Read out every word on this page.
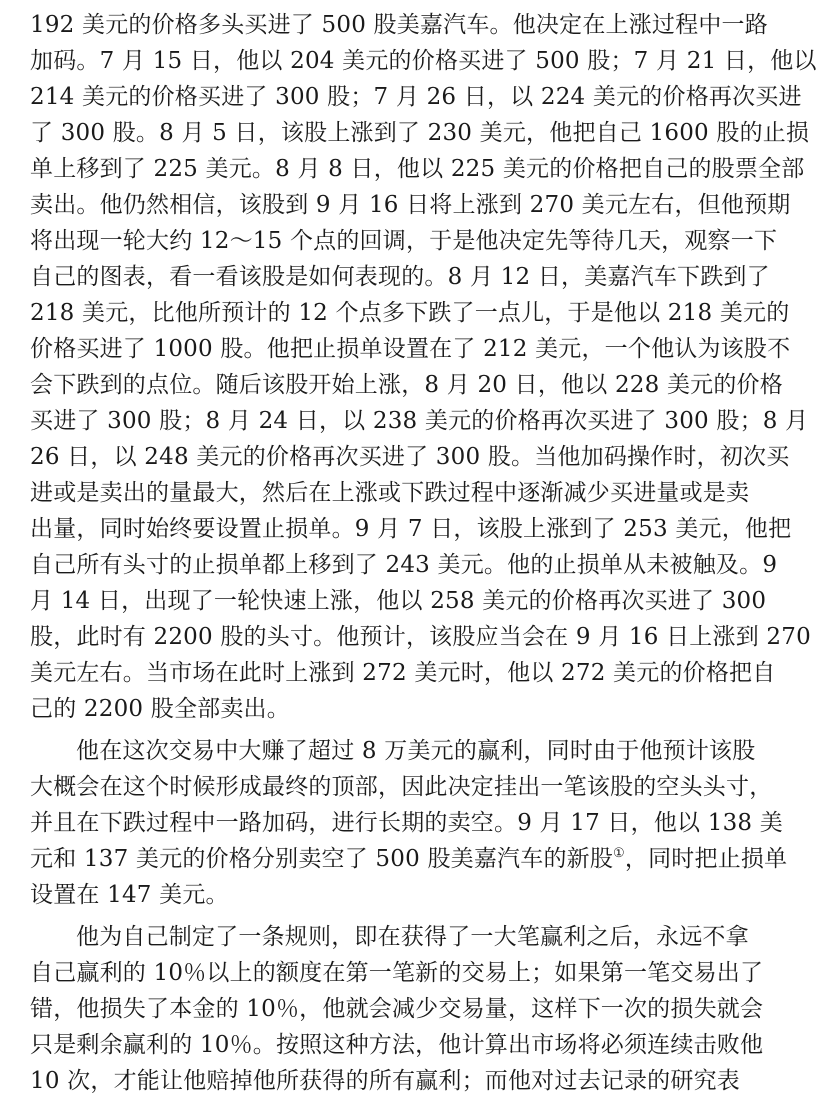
192 美元的价格多头买进了 500 股美嘉汽车。他决定在上涨过程中一路
加码。7 月 15 日，他以 204 美元的价格买进了 500 股；7 月 21 日，他以
214 美元的价格买进了 300 股；7 月 26 日，以 224 美元的价格再次买进
了 300 股。8 月 5 日，该股上涨到了 230 美元，他把自己 1600 股的止损
单上移到了 225 美元。8 月 8 日，他以 225 美元的价格把自己的股票全部
卖出。他仍然相信，该股到 9 月 16 日将上涨到 270 美元左右，但他预期
将出现一轮大约 12～15 个点的回调，于是他决定先等待几天，观察一下
自己的图表，看一看该股是如何表现的。8 月 12 日，美嘉汽车下跌到了
218 美元，比他所预计的 12 个点多下跌了一点儿，于是他以 218 美元的
价格买进了 1000 股。他把止损单设置在了 212 美元，一个他认为该股不
会下跌到的点位。随后该股开始上涨，8 月 20 日，他以 228 美元的价格
买进了 300 股；8 月 24 日，以 238 美元的价格再次买进了 300 股；8 月
26 日，以 248 美元的价格再次买进了 300 股。当他加码操作时，初次买
进或是卖出的量最大，然后在上涨或下跌过程中逐渐减少买进量或是卖
出量，同时始终要设置止损单。9 月 7 日，该股上涨到了 253 美元，他把
自己所有头寸的止损单都上移到了 243 美元。他的止损单从未被触及。9
月 14 日，出现了一轮快速上涨，他以 258 美元的价格再次买进了 300
股，此时有 2200 股的头寸。他预计，该股应当会在 9 月 16 日上涨到 270
美元左右。当市场在此时上涨到 272 美元时，他以 272 美元的价格把自
己的 2200 股全部卖出。
他在这次交易中大赚了超过 8 万美元的赢利，同时由于他预计该股
大概会在这个时候形成最终的顶部，因此决定挂出一笔该股的空头头寸，
并且在下跌过程中一路加码，进行长期的卖空。9 月 17 日，他以 138 美
元和 137 美元的价格分别卖空了 500 股美嘉汽车的新股①，同时把止损单
设置在 147 美元。
他为自己制定了一条规则，即在获得了一大笔赢利之后，永远不拿
自己赢利的 10％以上的额度在第一笔新的交易上；如果第一笔交易出了
错，他损失了本金的 10％，他就会减少交易量，这样下一次的损失就会
只是剩余赢利的 10％。按照这种方法，他计算出市场将必须连续击败他
10 次，才能让他赔掉他所获得的所有赢利；而他对过去记录的研究表
